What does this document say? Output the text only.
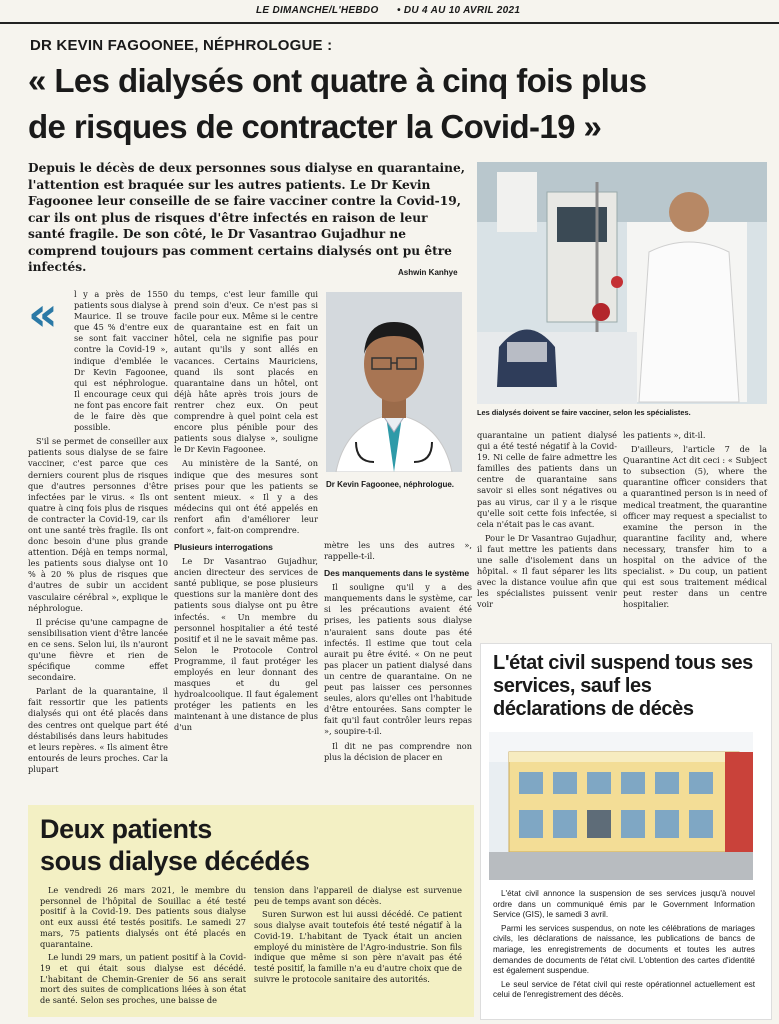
LE DIMANCHE/L'HEBDO • DU 4 AU 10 AVRIL 2021
DR KEVIN FAGOONEE, NÉPHROLOGUE :
« Les dialysés ont quatre à cinq fois plus
de risques de contracter la Covid-19 »
Depuis le décès de deux personnes sous dialyse en quarantaine, l'attention est braquée sur les autres patients. Le Dr Kevin Fagoonee leur conseille de se faire vacciner contre la Covid-19, car ils ont plus de risques d'être infectés en raison de leur santé fragile. De son côté, le Dr Vasantrao Gujadhur ne comprend toujours pas comment certains dialysés ont pu être infectés.	Ashwin Kanhye
Les dialysés doivent se faire vacciner, selon les spécialistes.
«	l y a près de 1550 patients sous dialyse à Maurice. Il se trouve que 45 % d'entre eux se sont fait vacciner contre la Covid-19 », indique d'emblée le Dr Kevin Fagoonee, qui est néphrologue. Il encourage ceux qui ne font pas encore fait de le faire dès que possible.

S'il se permet de conseiller aux patients sous dialyse de se faire vacciner, c'est parce que ces derniers courent plus de risques que d'autres personnes d'être infectées par le virus. « Ils ont quatre à cinq fois plus de risques de contracter la Covid-19, car ils ont une santé très fragile. Ils ont donc besoin d'une plus grande attention. Déjà en temps normal, les patients sous dialyse ont 10 % à 20 % plus de risques que d'autres de subir un accident vasculaire cérébral », explique le néphrologue.

Il précise qu'une campagne de sensibilisation vient d'être lancée en ce sens. Selon lui, ils n'auront qu'une fièvre et rien de spécifique comme effet secondaire.

Parlant de la quarantaine, il fait ressortir que les patients dialysés qui ont été placés dans des centres ont quelque part été déstabilisés dans leurs habitudes et leurs repères. « Ils aiment être entourés de leurs proches. Car la plupart

du temps, c'est leur famille qui prend soin d'eux. Ce n'est pas si facile pour eux. Même si le centre de quarantaine est en fait un hôtel, cela ne signifie pas pour autant qu'ils y sont allés en vacances. Certains Mauriciens, quand ils sont placés en quarantaine dans un hôtel, ont déjà hâte après trois jours de rentrer chez eux. On peut comprendre à quel point cela est encore plus pénible pour des patients sous dialyse », souligne le Dr Kevin Fagoonee.

Au ministère de la Santé, on indique que des mesures sont prises pour que les patients se sentent mieux. « Il y a des médecins qui ont été appelés en renfort afin d'améliorer leur confort », fait-on comprendre.

Plusieurs interrogations

Le Dr Vasantrao Gujadhur, ancien directeur des services de santé publique, se pose plusieurs questions sur la manière dont des patients sous dialyse ont pu être infectés. « Un membre du personnel hospitalier a été testé positif et il ne le savait même pas. Selon le Protocole Control Programme, il faut protéger les employés en leur donnant des masques et du gel hydroalcoolique. Il faut également protéger les patients en les maintenant à une distance de plus d'un

Dr Kevin Fagoonee, néphrologue.

mètre les uns des autres », rappelle-t-il.

Des manquements dans le système

Il souligne qu'il y a des manquements dans le système, car si les précautions avaient été prises, les patients sous dialyse n'auraient sans doute pas été infectés. Il estime que tout cela aurait pu être évité. « On ne peut pas placer un patient dialysé dans un centre de quarantaine. On ne peut pas laisser ces personnes seules, alors qu'elles ont l'habitude d'être entourées. Sans compter le fait qu'il faut contrôler leurs repas », soupire-t-il.

Il dit ne pas comprendre non plus la décision de placer en

quarantaine un patient dialysé qui a été testé négatif à la Covid-19. Ni celle de faire admettre les familles des patients dans un centre de quarantaine sans savoir si elles sont négatives ou pas au virus, car il y a le risque qu'elle soit cette fois infectée, si cela n'était pas le cas avant.

Pour le Dr Vasantrao Gujadhur, il faut mettre les patients dans une salle d'isolement dans un hôpital. « Il faut séparer les lits avec la distance voulue afin que les spécialistes puissent venir voir

les patients », dit-il.

D'ailleurs, l'article 7 de la Quarantine Act dit ceci : « Subject to subsection (5), where the quarantine officer considers that a quarantined person is in need of medical treatment, the quarantine officer may request a specialist to examine the person in the quarantine facility and, where necessary, transfer him to a hospital on the advice of the specialist. » Du coup, un patient qui est sous traitement médical peut rester dans un centre hospitalier.

L'état civil suspend tous ses services, sauf les déclarations de décès

L'état civil annonce la suspension de ses services jusqu'à nouvel ordre dans un communiqué émis par le Government Information Service (GIS), le samedi 3 avril.

Parmi les services suspendus, on note les célébrations de mariages civils, les déclarations de naissance, les publications de bancs de mariage, les enregistrements de documents et toutes les autres demandes de documents de l'état civil. L'obtention des cartes d'identité est également suspendue.

Le seul service de l'état civil qui reste opérationnel actuellement est celui de l'enregistrement des décès.

Deux patients
sous dialyse décédés

Le vendredi 26 mars 2021, le membre du personnel de l'hôpital de Souillac a été testé positif à la Covid-19. Des patients sous dialyse ont eux aussi été testés positifs. Le samedi 27 mars, 75 patients dialysés ont été placés en quarantaine.

Le lundi 29 mars, un patient positif à la Covid-19 et qui était sous dialyse est décédé. L'habitant de Chemin-Grenier de 56 ans serait mort des suites de complications liées à son état de santé. Selon ses proches, une baisse de

tension dans l'appareil de dialyse est survenue peu de temps avant son décès.

Suren Surwon est lui aussi décédé. Ce patient sous dialyse avait toutefois été testé négatif à la Covid-19. L'habitant de Tyack était un ancien employé du ministère de l'Agro-industrie. Son fils indique que même si son père n'avait pas été testé positif, la famille n'a eu d'autre choix que de suivre le protocole sanitaire des autorités.
